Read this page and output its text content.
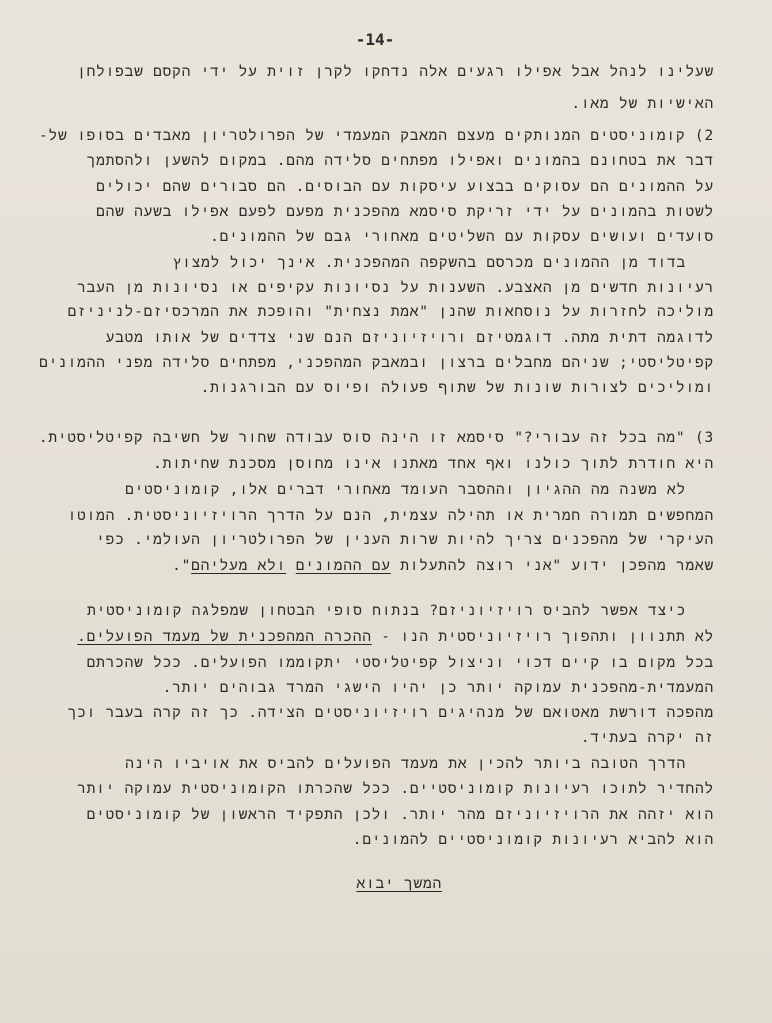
-14-
שעלינו לנהל אבל אפילו רגעים אלה נדחקו לקרן זוית על ידי הקסם שבפולחן
האישיות של מאו.
2) קומוניסטים המנותקים מעצם המאבק המעמדי של הפרולטריון מאבדים בסופו של-
דבר את בטחונם בהמונים ואפילו מפתחים סלידה מהם. במקום להשען ולהסתמך
על ההמונים הם עסוקים בבצוע עיסקות עם הבוסים. הם סבורים שהם יכולים
לשטות בהמונים על ידי זריקת סיסמא מהפכנית מפעם לפעם אפילו בשעה שהם
סועדים ועושים עסקות עם השליטים מאחורי גבם של ההמונים.
בדוד מן ההמונים מכרסם בהשקפה המהפכנית. אינך יכול למצוץ
רעיונות חדשים מן האצבע. השענות על נסיונות עקיפים או נסיונות מן העבר
מוליכה לחזרות על נוסחאות שהנן "אמת נצחית" והופכת את המרכסיזם-לניניזם
לדוגמה דתית מתה. דוגמטיזם ורויזיוניזם הנם שני צדדים של אותו מטבע
קפיטליסטי; שניהם מחבלים ברצון ובמאבק המהפכני, מפתחים סלידה מפני ההמונים
ומוליכים לצורות שונות של שתוף פעולה ופיוס עם הבורגנות.
3) "מה בכל זה עבורי?" סיסמא זו הינה סוס עבודה שחור של חשיבה קפיטליסטית.
היא חודרת לתוך כולנו ואף אחד מאתנו אינו מחוסן מסכנת שחיתות.
לא משנה מה ההגיון וההסבר העומד מאחורי דברים אלו, קומוניסטים
המחפשים תמורה חמרית או תהילה עצמית, הנם על הדרך הרויזיוניסטית. המוטו
העיקרי של מהפכנים צריך להיות שרות הענין של הפרולטריון העולמי. כפי
שאמר מהפכן ידוע "אני רוצה להתעלות עם ההמונים ולא מעליהם".
כיצד אפשר להביס רויזיוניזם? בנתוח סופי הבטחון שמפלגה קומוניסטית
לא תתנוון ותהפוך רויזיוניסטית הנו - ההכרה המהפכנית של מעמד הפועלים.
בכל מקום בו קיים דכוי וניצול קפיטליסטי יתקוממו הפועלים. ככל שהכרתם
המעמדית-מהפכנית עמוקה יותר כן יהיו הישגי המרד גבוהים יותר.
מהפכה דורשת מאטואם של מנהיגים רויזיוניסטים הצידה. כך זה קרה בעבר וכך
זה יקרה בעתיד.
הדרך הטובה ביותר להכין את מעמד הפועלים להביס את אויביו הינה
להחדיר לתוכו רעיונות קומוניסטיים. ככל שהכרתו הקומוניסטית עמוקה יותר
הוא יזהה את הרויזיוניזם מהר יותר. ולכן התפקיד הראשון של קומוניסטים
הוא להביא רעיונות קומוניסטיים להמונים.
המשך יבוא
